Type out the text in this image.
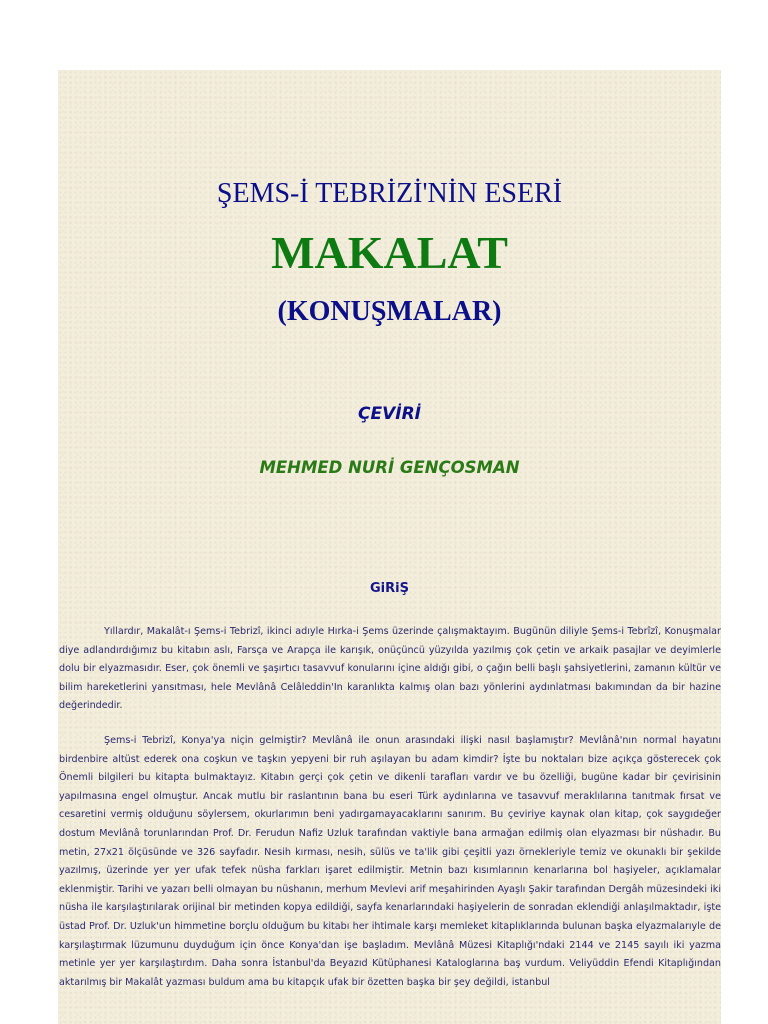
ŞEMS-İ TEBRİZİ'NİN ESERİ
MAKALAT
(KONUŞMALAR)
ÇEVİRİ
MEHMED NURİ GENÇOSMAN
GiRiŞ

Yıllardır, Makalât-ı Şems-i Tebrizî, ikinci adıyle Hırka-i Şems üzerinde çalışmaktayım. Bugünün diliyle Şems-i Tebrîzî, Konuşmalar diye adlandırdığımız bu kitabın aslı, Farsça ve Arapça ile karışık, onüçüncü yüzyılda yazılmış çok çetin ve arkaik pasajlar ve deyimlerle dolu bir elyazmasıdır. Eser, çok önemli ve şaşırtıcı tasavvuf konularını içine aldığı gibi, o çağın belli başlı şahsiyetlerini, zamanın kültür ve bilim hareketlerini yansıtması, hele Mevlânâ Celâleddin'In karanlıkta kalmış olan bazı yönlerini aydınlatması bakımından da bir hazine değerindedir.

Şems-i Tebrizî, Konya'ya niçin gelmiştir? Mevlânâ ile onun arasındaki ilişki nasıl başlamıştır? Mevlânâ'nın normal hayatını birdenbire altüst ederek ona coşkun ve taşkın yepyeni bir ruh aşılayan bu adam kimdir? İşte bu noktaları bize açıkça gösterecek çok Önemli bilgileri bu kitapta bulmaktayız. Kitabın gerçi çok çetin ve dikenli tarafları vardır ve bu özelliği, bugüne kadar bir çevirisinin yapılmasına engel olmuştur. Ancak mutlu bir raslantının bana bu eseri Türk aydınlarına ve tasavvuf meraklılarına tanıtmak fırsat ve cesaretini vermiş olduğunu söylersem, okurlarımın beni yadırgamayacaklarını sanırım. Bu çeviriye kaynak olan kitap, çok saygıdeğer dostum Mevlânâ torunlarından Prof. Dr. Ferudun Nafiz Uzluk tarafından vaktiyle bana armağan edilmiş olan elyazması bir nüshadır. Bu metin, 27x21 ölçüsünde ve 326 sayfadır. Nesih kırması, nesih, sülüs ve ta'lik gibi çeşitli yazı örnekleriyle temiz ve okunaklı bir şekilde yazılmış, üzerinde yer yer ufak tefek nüsha farkları işaret edilmiştir. Metnin bazı kısımlarının kenarlarına bol haşiyeler, açıklamalar eklenmiştir. Tarihi ve yazarı belli olmayan bu nüshanın, merhum Mevlevi arif meşahirinden Ayaşlı Şakir tarafından Dergâh müzesindeki iki nüsha ile karşılaştırılarak orijinal bir metinden kopya edildiği, sayfa kenarlarındaki haşiyelerin de sonradan eklendiği anlaşılmaktadır, işte üstad Prof. Dr. Uzluk'un himmetine borçlu olduğum bu kitabı her ihtimale karşı memleket kitaplıklarında bulunan başka elyazmalarıyle de karşılaştırmak lüzumunu duyduğum için önce Konya'dan işe başladım. Mevlânâ Müzesi Kitaplığı'ndaki 2144 ve 2145 sayılı iki yazma metinle yer yer karşılaştırdım. Daha sonra İstanbul'da Beyazıd Kütüphanesi Kataloglarına baş vurdum. Veliyüddin Efendi Kitaplığından aktarılmış bir Makalât yazması buldum ama bu kitapçık ufak bir özetten başka bir şey değildi, istanbul
